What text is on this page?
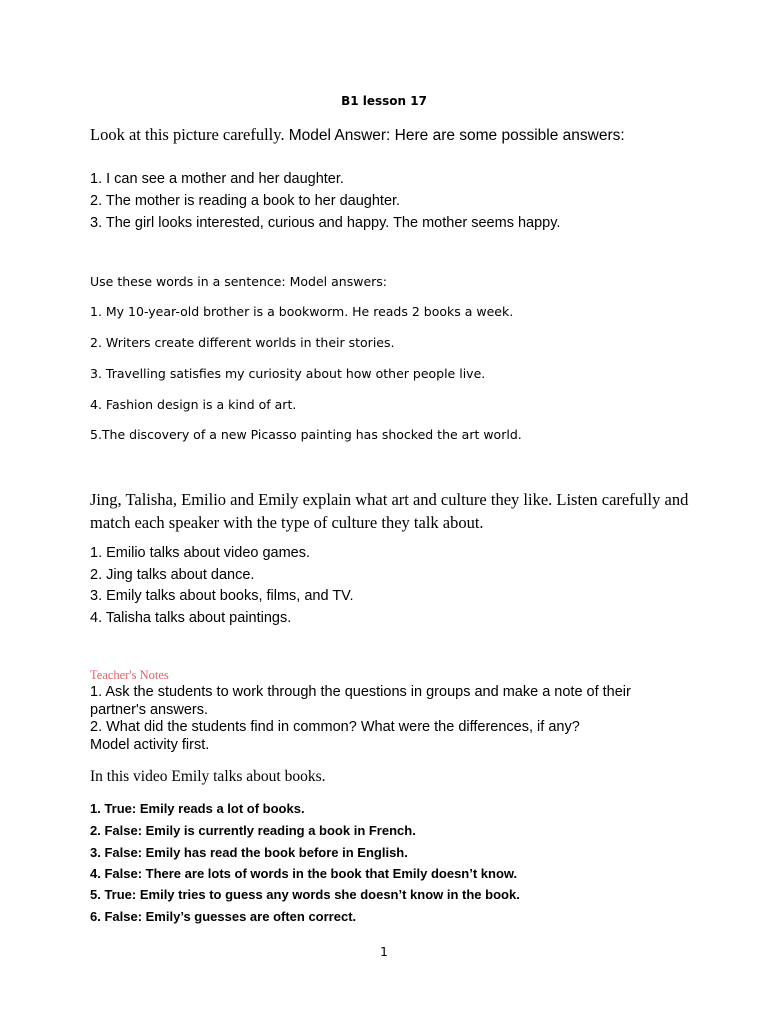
B1 lesson 17
Look at this picture carefully. Model Answer: Here are some possible answers:
1. I can see a mother and her daughter.
2. The mother is reading a book to her daughter.
3. The girl looks interested, curious and happy. The mother seems happy.
Use these words in a sentence: Model answers:
1. My 10-year-old brother is a bookworm. He reads 2 books a week.
2. Writers create different worlds in their stories.
3. Travelling satisfies my curiosity about how other people live.
4. Fashion design is a kind of art.
5.The discovery of a new Picasso painting has shocked the art world.
Jing, Talisha, Emilio and Emily explain what art and culture they like. Listen carefully and match each speaker with the type of culture they talk about.
1. Emilio talks about video games.
2. Jing talks about dance.
3. Emily talks about books, films, and TV.
4. Talisha talks about paintings.
Teacher's Notes
1. Ask the students to work through the questions in groups and make a note of their partner's answers.
2. What did the students find in common? What were the differences, if any?
Model activity first.
In this video Emily talks about books.
1. True: Emily reads a lot of books.
2. False: Emily is currently reading a book in French.
3. False: Emily has read the book before in English.
4. False: There are lots of words in the book that Emily doesn’t know.
5. True: Emily tries to guess any words she doesn’t know in the book.
6. False: Emily’s guesses are often correct.
1
